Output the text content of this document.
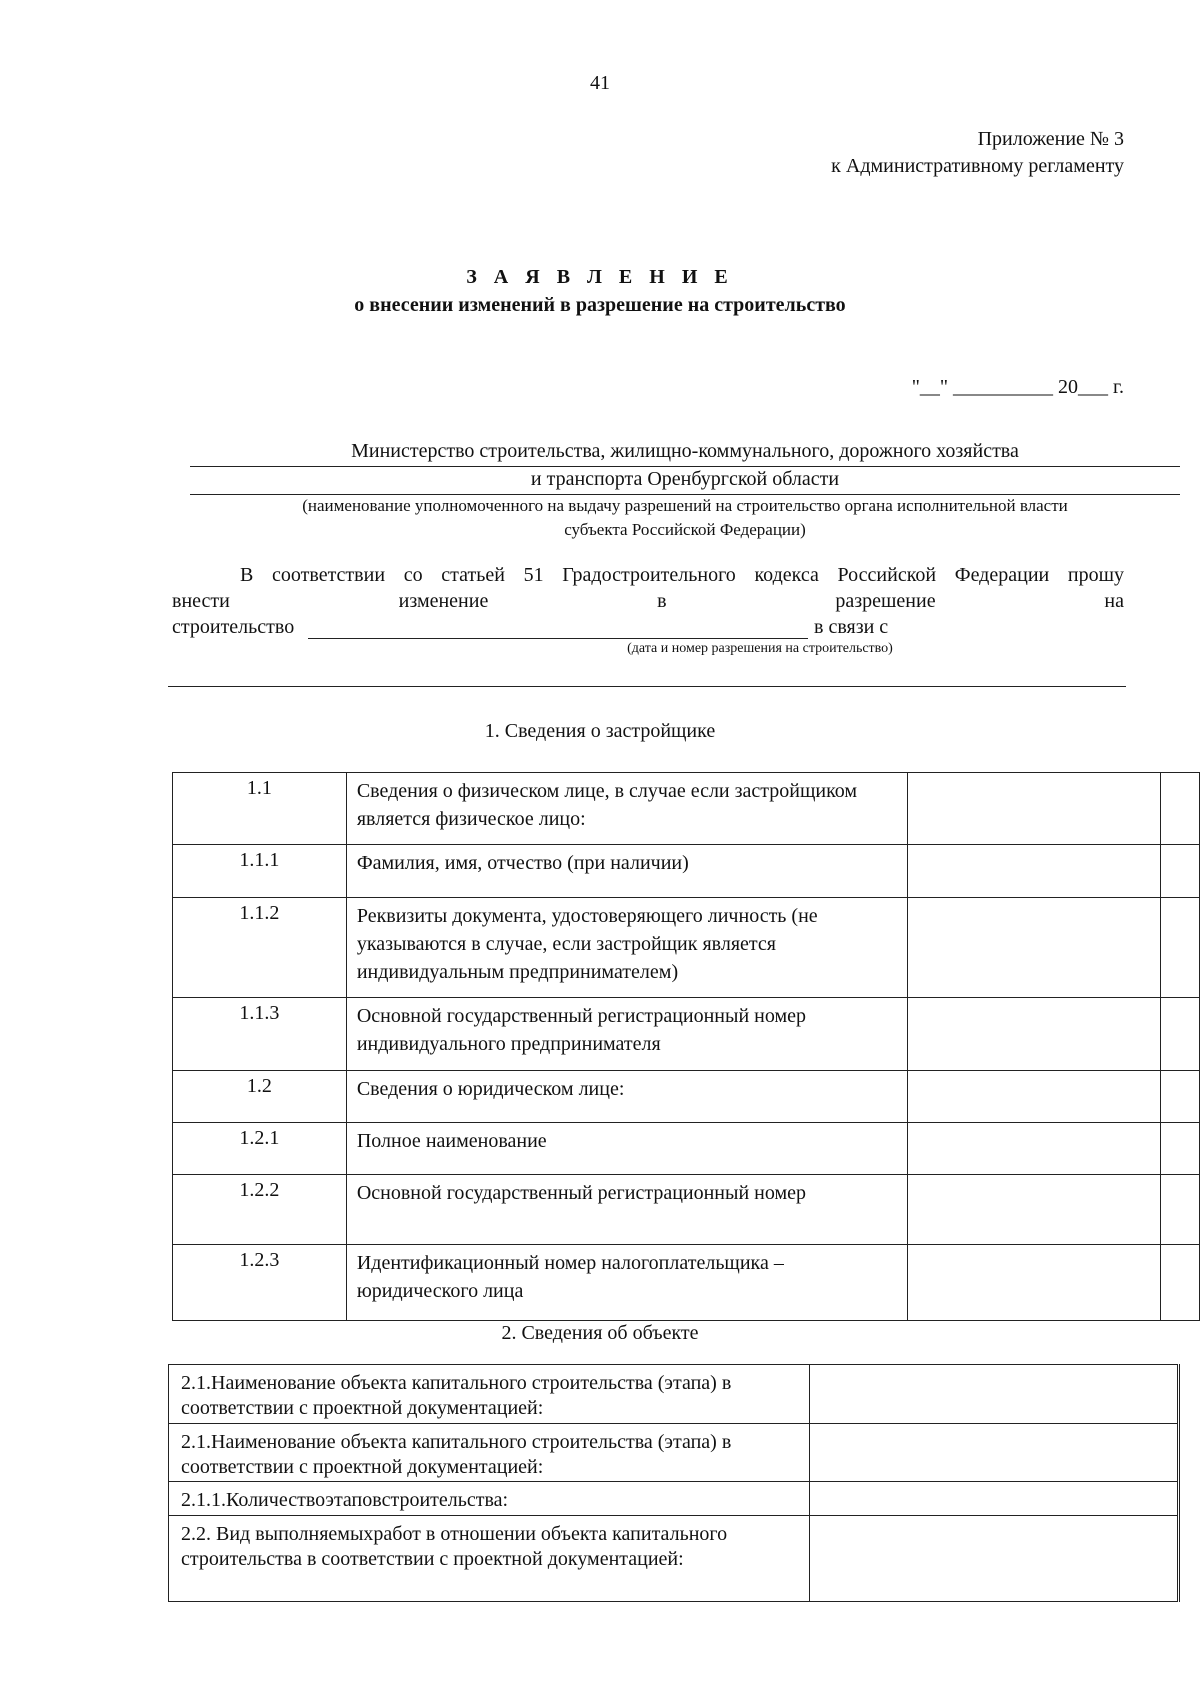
41
Приложение № 3
к Административному регламенту
З А Я В Л Е Н И Е
о внесении изменений в разрешение на строительство
"__" __________ 20___ г.
Министерство строительства, жилищно-коммунального, дорожного хозяйства
и транспорта Оренбургской области
(наименование уполномоченного на выдачу разрешений на строительство органа исполнительной власти
субъекта Российской Федерации)
В соответствии со статьей 51 Градостроительного кодекса Российской Федерации прошу
внести	изменение	в	разрешение	на
строительство	в связи с
(дата и номер разрешения на строительство)
1. Сведения о застройщике
1.1	Сведения о физическом лице, в случае если застройщиком является физическое лицо:		
1.1.1	Фамилия, имя, отчество (при наличии)		
1.1.2	Реквизиты документа, удостоверяющего личность (не указываются в случае, если застройщик является индивидуальным предпринимателем)		
1.1.3	Основной государственный регистрационный номер индивидуального предпринимателя		
1.2	Сведения о юридическом лице:		
1.2.1	Полное наименование		
1.2.2	Основной государственный регистрационный номер		
1.2.3	Идентификационный номер налогоплательщика – юридического лица		
2. Сведения об объекте
2.1.Наименование объекта капитального строительства (этапа) в соответствии с проектной документацией:	
2.1.Наименование объекта капитального строительства (этапа) в соответствии с проектной документацией:	
2.1.1.Количествоэтаповстроительства:	
2.2. Вид выполняемыхработ в отношении объекта капитального строительства в соответствии с проектной документацией:	
